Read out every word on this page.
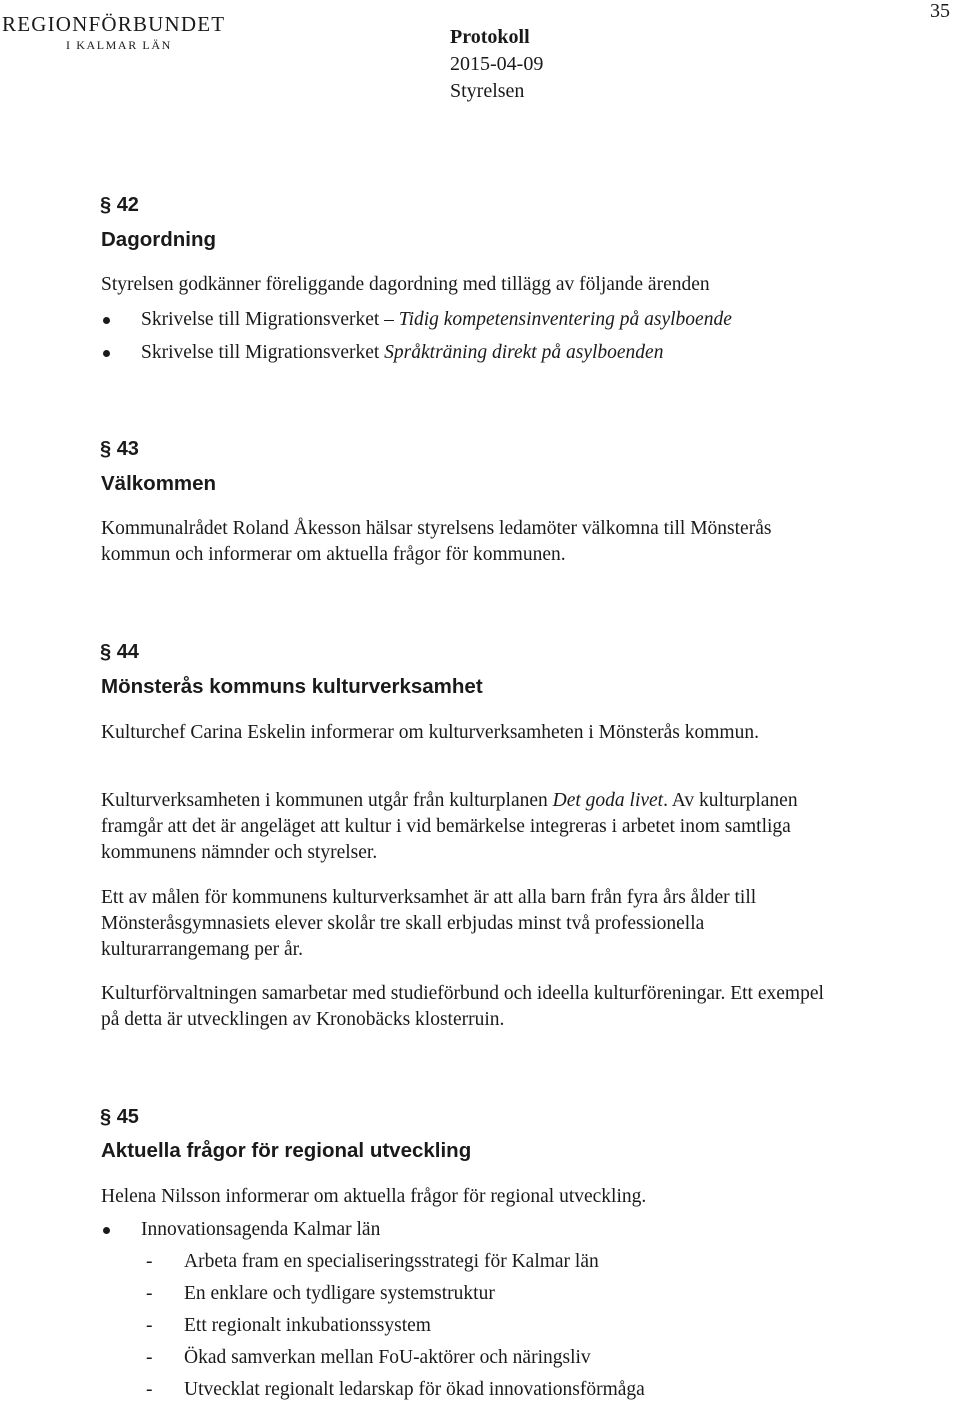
REGIONFÖRBUNDET
I KALMAR LÄN
35
Protokoll
2015-04-09
Styrelsen
§ 42
Dagordning
Styrelsen godkänner föreliggande dagordning med tillägg av följande ärenden
Skrivelse till Migrationsverket – Tidig kompetensinventering på asylboende
Skrivelse till Migrationsverket Språkträning direkt på asylboenden
§ 43
Välkommen
Kommunalrådet Roland Åkesson hälsar styrelsens ledamöter välkomna till Mönsterås kommun och informerar om aktuella frågor för kommunen.
§ 44
Mönsterås kommuns kulturverksamhet
Kulturchef Carina Eskelin informerar om kulturverksamheten i Mönsterås kommun.
Kulturverksamheten i kommunen utgår från kulturplanen Det goda livet. Av kulturplanen framgår att det är angeläget att kultur i vid bemärkelse integreras i arbetet inom samtliga kommunens nämnder och styrelser.
Ett av målen för kommunens kulturverksamhet är att alla barn från fyra års ålder till Mönsteråsgymnasiets elever skolår tre skall erbjudas minst två professionella kulturarrangemang per år.
Kulturförvaltningen samarbetar med studieförbund och ideella kulturföreningar. Ett exempel på detta är utvecklingen av Kronobäcks klosterruin.
§ 45
Aktuella frågor för regional utveckling
Helena Nilsson informerar om aktuella frågor för regional utveckling.
Innovationsagenda Kalmar län
- Arbeta fram en specialiseringsstrategi för Kalmar län
- En enklare och tydligare systemstruktur
- Ett regionalt inkubationssystem
- Ökad samverkan mellan FoU-aktörer och näringsliv
- Utvecklat regionalt ledarskap för ökad innovationsförmåga
